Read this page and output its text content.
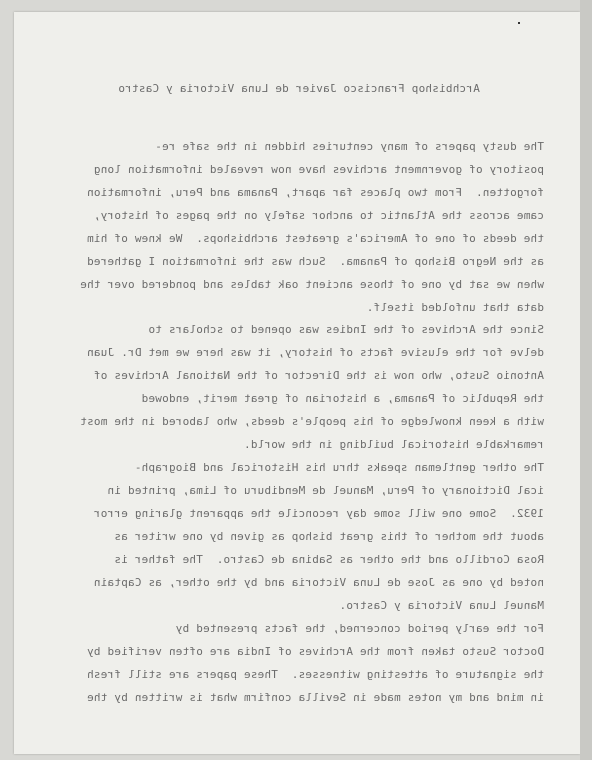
Archbishop Francisco Javier de Luna Victoria y Castro
The dusty papers of many centuries hidden in the safe re-
pository of government archives have now revealed information long
forgotten.  From two places far apart, Panama and Peru, information
came across the Atlantic to anchor safely on the pages of history,
the deeds of one of America's greatest archbishops.  We knew of him
as the Negro Bishop of Panama.  Such was the information I gathered
when we sat by one of those ancient oak tables and pondered over the
data that unfolded itself.
Since the Archives of the Indies was opened to scholars to
delve for the elusive facts of history, it was here we met Dr. Juan
Antonio Susto, who now is the Director of the National Archives of
the Republic of Panama, a historian of great merit, endowed
with a keen knowledge of his people's deeds, who labored in the most
remarkable historical building in the world.
The other gentleman speaks thru his Historical and Biograph-
ical Dictionary of Peru, Manuel de Mendiburu of Lima, printed in
1932.  Some one will some day reconcile the apparent glaring error
about the mother of this great bishop as given by one writer as
Rosa Cordillo and the other as Sabina de Castro.  The father is
noted by one as Jose de Luna Victoria and by the other, as Captain
Manuel Luna Victoria y Castro.
For the early period concerned, the facts presented by
Doctor Susto taken from the Archives of India are often verified by
the signature of attesting witnesses.  These papers are still fresh
in mind and my notes made in Sevilla confirm what is written by the
